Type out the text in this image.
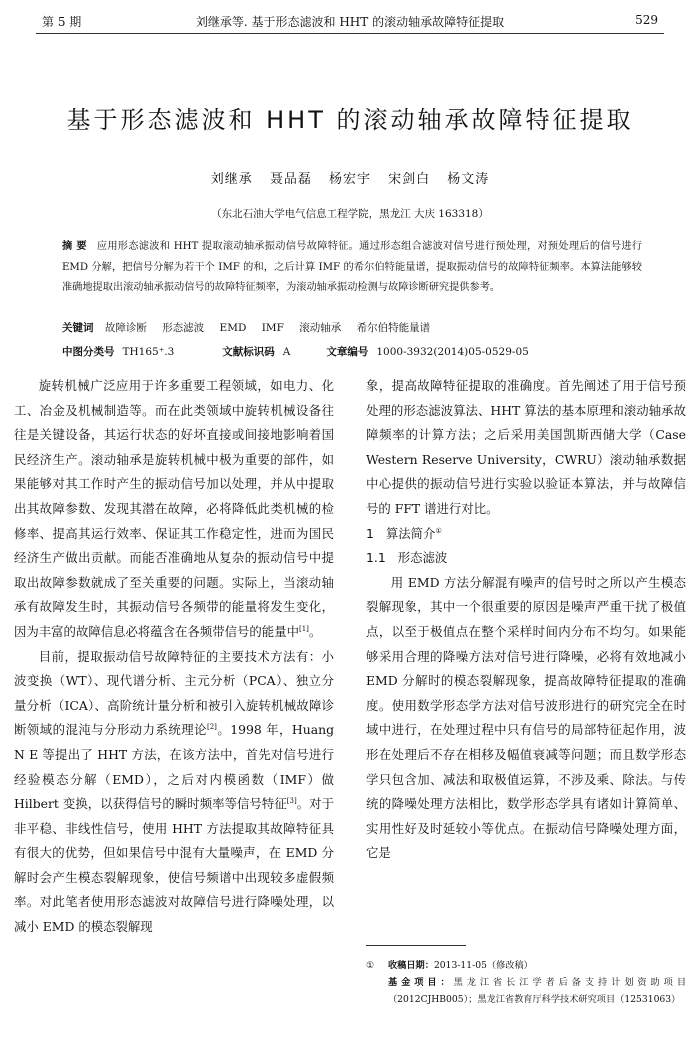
第 5 期	刘继承等. 基于形态滤波和 HHT 的滚动轴承故障特征提取	529
基于形态滤波和 HHT 的滚动轴承故障特征提取
刘继承 聂品磊 杨宏宇 宋剑白 杨文涛
（东北石油大学电气信息工程学院，黑龙江 大庆 163318）
摘 要 应用形态滤波和 HHT 提取滚动轴承振动信号故障特征。通过形态组合滤波对信号进行预处理，对预处理后的信号进行 EMD 分解，把信号分解为若干个 IMF 的和，之后计算 IMF 的希尔伯特能量谱，提取振动信号的故障特征频率。本算法能够较准确地提取出滚动轴承振动信号的故障特征频率，为滚动轴承振动检测与故障诊断研究提供参考。
关键词 故障诊断 形态滤波 EMD IMF 滚动轴承 希尔伯特能量谱
中图分类号 TH165⁺.3	文献标识码 A	文章编号 1000-3932(2014)05-0529-05

旋转机械广泛应用于许多重要工程领域，如电力、化工、冶金及机械制造等。而在此类领域中旋转机械设备往往是关键设备，其运行状态的好坏直接或间接地影响着国民经济生产。滚动轴承是旋转机械中极为重要的部件，如果能够对其工作时产生的振动信号加以处理，并从中提取出其故障参数、发现其潜在故障，必将降低此类机械的检修率、提高其运行效率、保证其工作稳定性，进而为国民经济生产做出贡献。而能否准确地从复杂的振动信号中提取出故障参数就成了至关重要的问题。实际上，当滚动轴承有故障发生时，其振动信号各频带的能量将发生变化，因为丰富的故障信息必将蕴含在各频带信号的能量中[1]。

目前，提取振动信号故障特征的主要技术方法有：小波变换（WT）、现代谱分析、主元分析（PCA）、独立分量分析（ICA）、高阶统计量分析和被引入旋转机械故障诊断领域的混沌与分形动力系统理论[2]。1998 年，Huang N E 等提出了 HHT 方法，在该方法中，首先对信号进行经验模态分解（EMD），之后对内模函数（IMF）做 Hilbert 变换，以获得信号的瞬时频率等信号特征[3]。对于非平稳、非线性信号，使用 HHT 方法提取其故障特征具有很大的优势，但如果信号中混有大量噪声，在 EMD 分解时会产生模态裂解现象，使信号频谱中出现较多虚假频率。对此笔者使用形态滤波对故障信号进行降噪处理，以减小 EMD 的模态裂解现

象，提高故障特征提取的准确度。首先阐述了用于信号预处理的形态滤波算法、HHT 算法的基本原理和滚动轴承故障频率的计算方法；之后采用美国凯斯西储大学（Case Western Reserve University，CWRU）滚动轴承数据中心提供的振动信号进行实验以验证本算法，并与故障信号的 FFT 谱进行对比。

1 算法简介①
1.1 形态滤波

用 EMD 方法分解混有噪声的信号时之所以产生模态裂解现象，其中一个很重要的原因是噪声严重干扰了极值点，以至于极值点在整个采样时间内分布不均匀。如果能够采用合理的降噪方法对信号进行降噪，必将有效地减小 EMD 分解时的模态裂解现象，提高故障特征提取的准确度。使用数学形态学方法对信号波形进行的研究完全在时域中进行，在处理过程中只有信号的局部特征起作用，波形在处理后不存在相移及幅值衰减等问题；而且数学形态学只包含加、减法和取极值运算，不涉及乘、除法。与传统的降噪处理方法相比，数学形态学具有诸如计算简单、实用性好及时延较小等优点。在振动信号降噪处理方面，它是

① 收稿日期：2013-11-05（修改稿）
基金项目：黑龙江省长江学者后备支持计划资助项目（2012CJHB005）；黑龙江省教育厅科学技术研究项目（12531063）
